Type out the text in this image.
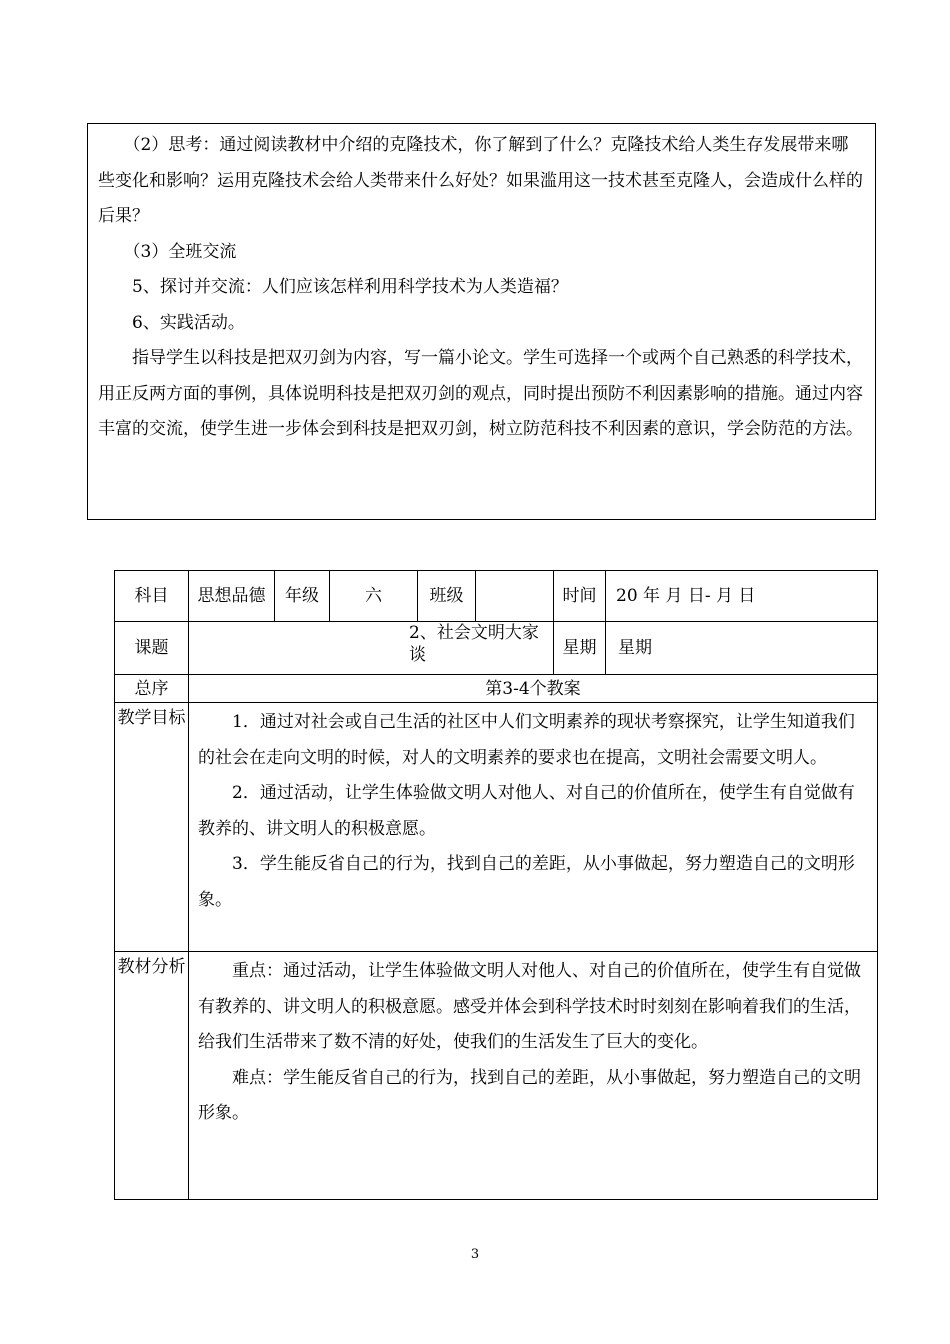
（2）思考：通过阅读教材中介绍的克隆技术，你了解到了什么？克隆技术给人类生存发展带来哪些变化和影响？运用克隆技术会给人类带来什么好处？如果滥用这一技术甚至克隆人，会造成什么样的后果？

（3）全班交流

5、探讨并交流：人们应该怎样利用科学技术为人类造福？

6、实践活动。

指导学生以科技是把双刃剑为内容，写一篇小论文。学生可选择一个或两个自己熟悉的科学技术，用正反两方面的事例，具体说明科技是把双刃剑的观点，同时提出预防不利因素影响的措施。通过内容丰富的交流，使学生进一步体会到科技是把双刃剑，树立防范科技不利因素的意识，学会防范的方法。

科目	思想品德	年级	六	班级		时间	20 年 月 日- 月 日
课题	2、社会文明大家谈					星期	星期
总序	第3-4个教案						
教学目标	1．通过对社会或自己生活的社区中人们文明素养的现状考察探究，让学生知道我们的社会在走向文明的时候，对人的文明素养的要求也在提高，文明社会需要文明人。

2．通过活动，让学生体验做文明人对他人、对自己的价值所在，使学生有自觉做有教养的、讲文明人的积极意愿。

3．学生能反省自己的行为，找到自己的差距，从小事做起，努力塑造自己的文明形象。						

教材分析	重点：通过活动，让学生体验做文明人对他人、对自己的价值所在，使学生有自觉做有教养的、讲文明人的积极意愿。感受并体会到科学技术时时刻刻在影响着我们的生活，给我们生活带来了数不清的好处，使我们的生活发生了巨大的变化。

难点：学生能反省自己的行为，找到自己的差距，从小事做起，努力塑造自己的文明形象。						

3
